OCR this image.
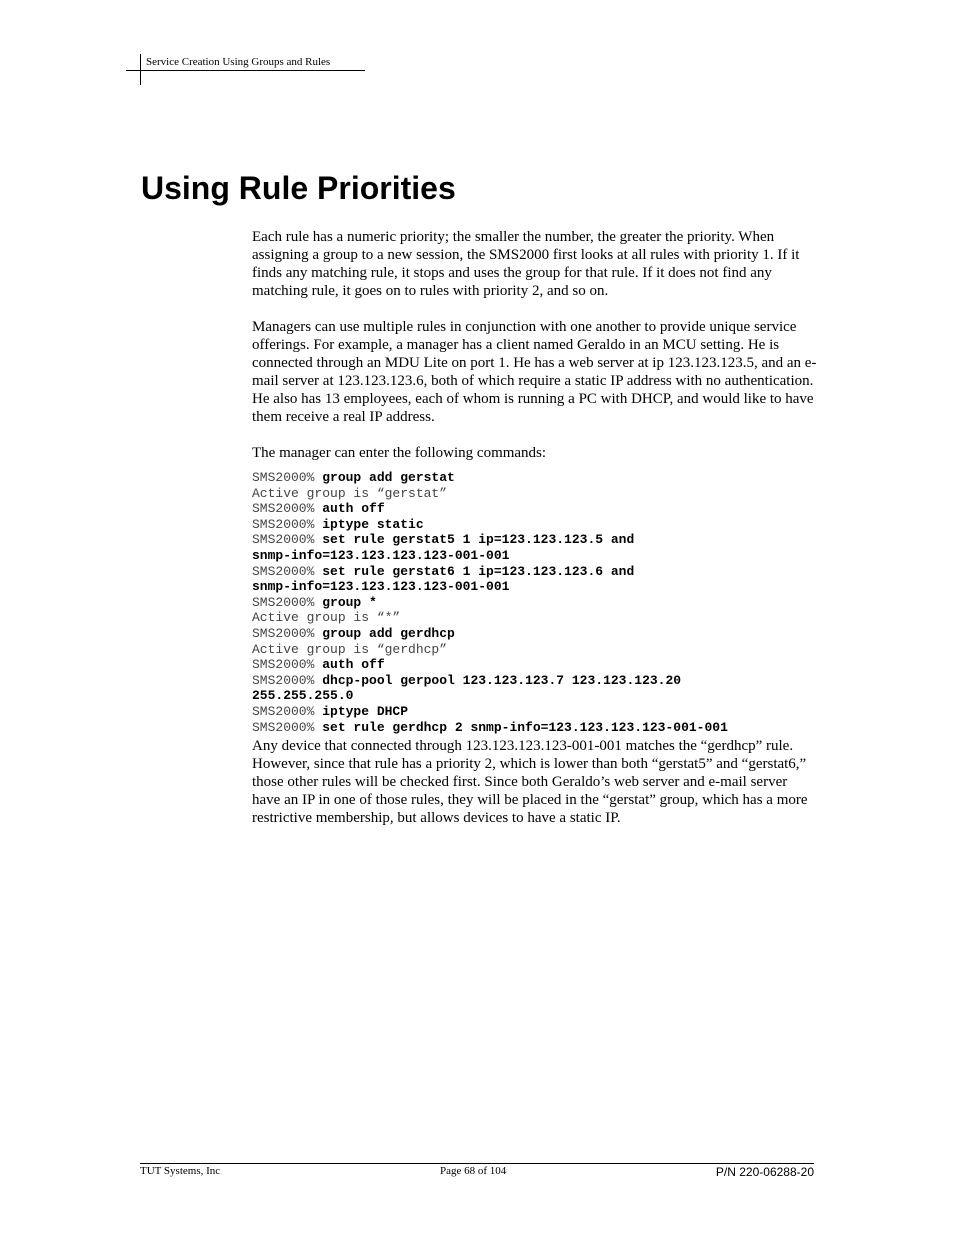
Service Creation Using Groups and Rules
Using Rule Priorities

Each rule has a numeric priority; the smaller the number, the greater the priority. When assigning a group to a new session, the SMS2000 first looks at all rules with priority 1. If it finds any matching rule, it stops and uses the group for that rule. If it does not find any matching rule, it goes on to rules with priority 2, and so on.

Managers can use multiple rules in conjunction with one another to provide unique service offerings. For example, a manager has a client named Geraldo in an MCU setting. He is connected through an MDU Lite on port 1. He has a web server at ip 123.123.123.5, and an e-mail server at 123.123.123.6, both of which require a static IP address with no authentication. He also has 13 employees, each of whom is running a PC with DHCP, and would like to have them receive a real IP address.

The manager can enter the following commands:

SMS2000% group add gerstat
Active group is “gerstat”
SMS2000% auth off
SMS2000% iptype static
SMS2000% set rule gerstat5 1 ip=123.123.123.5 and
snmp-info=123.123.123.123-001-001
SMS2000% set rule gerstat6 1 ip=123.123.123.6 and
snmp-info=123.123.123.123-001-001
SMS2000% group *
Active group is “*”
SMS2000% group add gerdhcp
Active group is “gerdhcp”
SMS2000% auth off
SMS2000% dhcp-pool gerpool 123.123.123.7 123.123.123.20
255.255.255.0
SMS2000% iptype DHCP
SMS2000% set rule gerdhcp 2 snmp-info=123.123.123.123-001-001

Any device that connected through 123.123.123.123-001-001 matches the “gerdhcp” rule.

However, since that rule has a priority 2, which is lower than both “gerstat5” and “gerstat6,” those other rules will be checked first. Since both Geraldo’s web server and e-mail server have an IP in one of those rules, they will be placed in the “gerstat” group, which has a more restrictive membership, but allows devices to have a static IP.

TUT Systems, Inc	Page 68 of 104	P/N 220-06288-20
